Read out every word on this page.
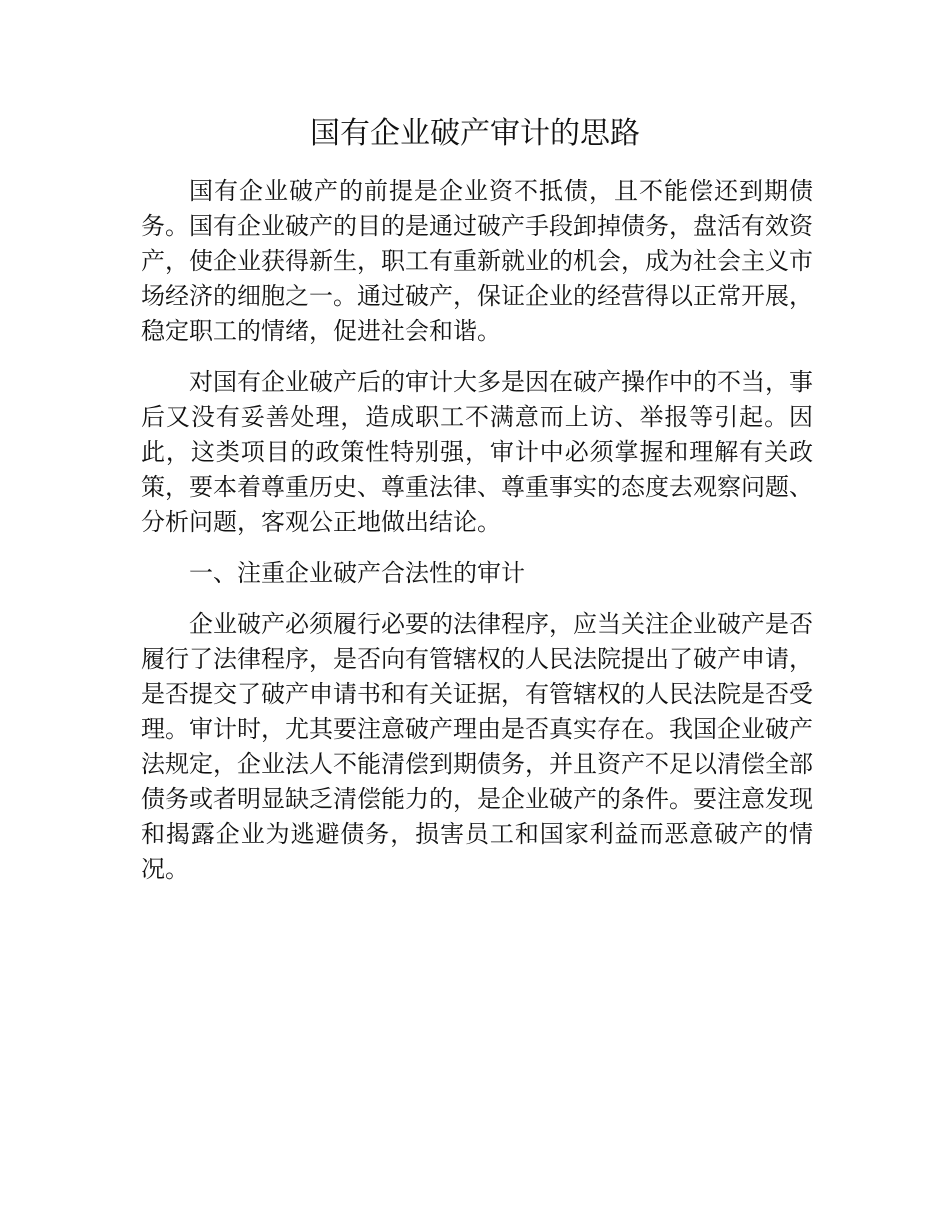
国有企业破产审计的思路

国有企业破产的前提是企业资不抵债，且不能偿还到期债务。国有企业破产的目的是通过破产手段卸掉债务，盘活有效资产，使企业获得新生，职工有重新就业的机会，成为社会主义市场经济的细胞之一。通过破产，保证企业的经营得以正常开展，稳定职工的情绪，促进社会和谐。

对国有企业破产后的审计大多是因在破产操作中的不当，事后又没有妥善处理，造成职工不满意而上访、举报等引起。因此，这类项目的政策性特别强，审计中必须掌握和理解有关政策，要本着尊重历史、尊重法律、尊重事实的态度去观察问题、分析问题，客观公正地做出结论。

一、注重企业破产合法性的审计

企业破产必须履行必要的法律程序，应当关注企业破产是否履行了法律程序，是否向有管辖权的人民法院提出了破产申请，是否提交了破产申请书和有关证据，有管辖权的人民法院是否受理。审计时，尤其要注意破产理由是否真实存在。我国企业破产法规定，企业法人不能清偿到期债务，并且资产不足以清偿全部债务或者明显缺乏清偿能力的，是企业破产的条件。要注意发现和揭露企业为逃避债务，损害员工和国家利益而恶意破产的情况。
